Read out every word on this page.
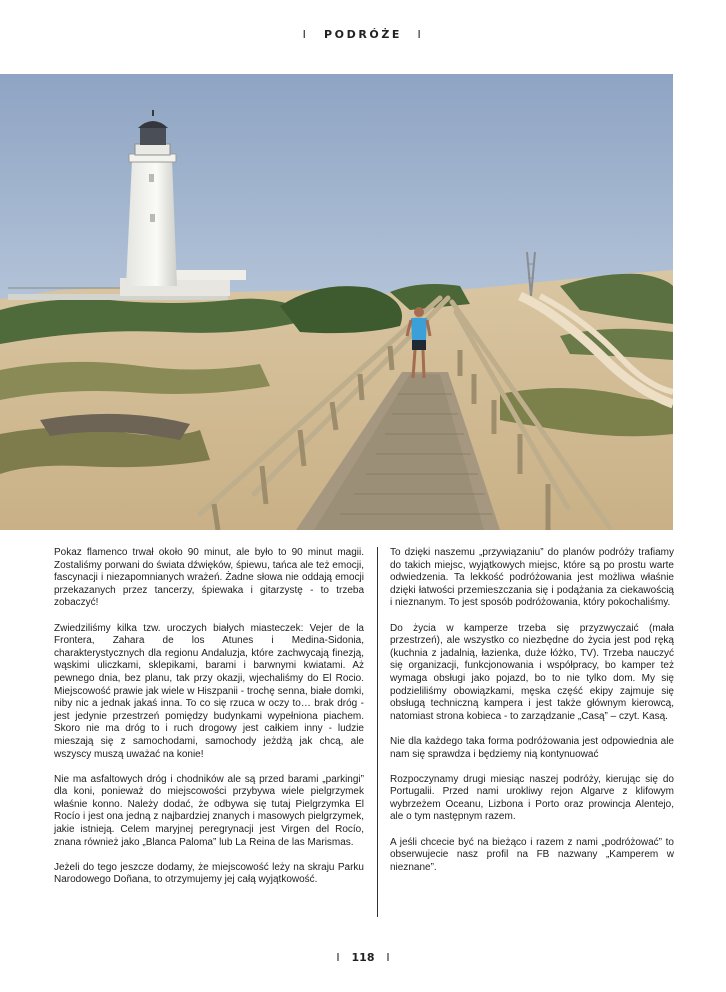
I PODRÓŻE I

Pokaz flamenco trwał około 90 minut, ale było to 90 minut magii. Zostaliśmy porwani do świata dźwięków, śpiewu, tańca ale też emocji, fascynacji i niezapomnianych wrażeń. Żadne słowa nie oddają emocji przekazanych przez tancerzy, śpiewaka i gitarzystę - to trzeba zobaczyć!

Zwiedziliśmy kilka tzw. uroczych białych miasteczek: Vejer de la Frontera, Zahara de los Atunes i Medina-Sidonia, charakterystycznych dla regionu Andaluzja, które zachwycają finezją, wąskimi uliczkami, sklepikami, barami i barwnymi kwiatami. Aż pewnego dnia, bez planu, tak przy okazji, wjechaliśmy do El Rocio. Miejscowość prawie jak wiele w Hiszpanii - trochę senna, białe domki, niby nic a jednak jakaś inna. To co się rzuca w oczy to… brak dróg - jest jedynie przestrzeń pomiędzy budynkami wypełniona piachem. Skoro nie ma dróg to i ruch drogowy jest całkiem inny - ludzie mieszają się z samochodami, samochody jeżdżą jak chcą, ale wszyscy muszą uważać na konie!

Nie ma asfaltowych dróg i chodników ale są przed barami „parkingi” dla koni, ponieważ do miejscowości przybywa wiele pielgrzymek właśnie konno. Należy dodać, że odbywa się tutaj Pielgrzymka El Rocío i jest ona jedną z najbardziej znanych i masowych pielgrzymek, jakie istnieją. Celem maryjnej peregrynacji jest Virgen del Rocío, znana również jako „Blanca Paloma” lub La Reina de las Marismas.

Jeżeli do tego jeszcze dodamy, że miejscowość leży na skraju Parku Narodowego Doñana, to otrzymujemy jej całą wyjątkowość.

To dzięki naszemu „przywiązaniu” do planów podróży trafiamy do takich miejsc, wyjątkowych miejsc, które są po prostu warte odwiedzenia. Ta lekkość podróżowania jest możliwa właśnie dzięki łatwości przemieszczania się i podążania za ciekawością i nieznanym. To jest sposób podróżowania, który pokochaliśmy.

Do życia w kamperze trzeba się przyzwyczaić (mała przestrzeń), ale wszystko co niezbędne do życia jest pod ręką (kuchnia z jadalnią, łazienka, duże łóżko, TV). Trzeba nauczyć się organizacji, funkcjonowania i współpracy, bo kamper też wymaga obsługi jako pojazd, bo to nie tylko dom. My się podzieliliśmy obowiązkami, męska część ekipy zajmuje się obsługą techniczną kampera i jest także głównym kierowcą, natomiast strona kobieca - to zarządzanie „Casą” – czyt. Kasą.

Nie dla każdego taka forma podróżowania jest odpowiednia ale nam się sprawdza i będziemy nią kontynuować

Rozpoczynamy drugi miesiąc naszej podróży, kierując się do Portugalii. Przed nami urokliwy rejon Algarve z klifowym wybrzeżem Oceanu, Lizbona i Porto oraz prowincja Alentejo, ale o tym następnym razem.

A jeśli chcecie być na bieżąco i razem z nami „podróżować” to obserwujecie nasz profil na FB nazwany „Kamperem w nieznane”.

I 118 I
